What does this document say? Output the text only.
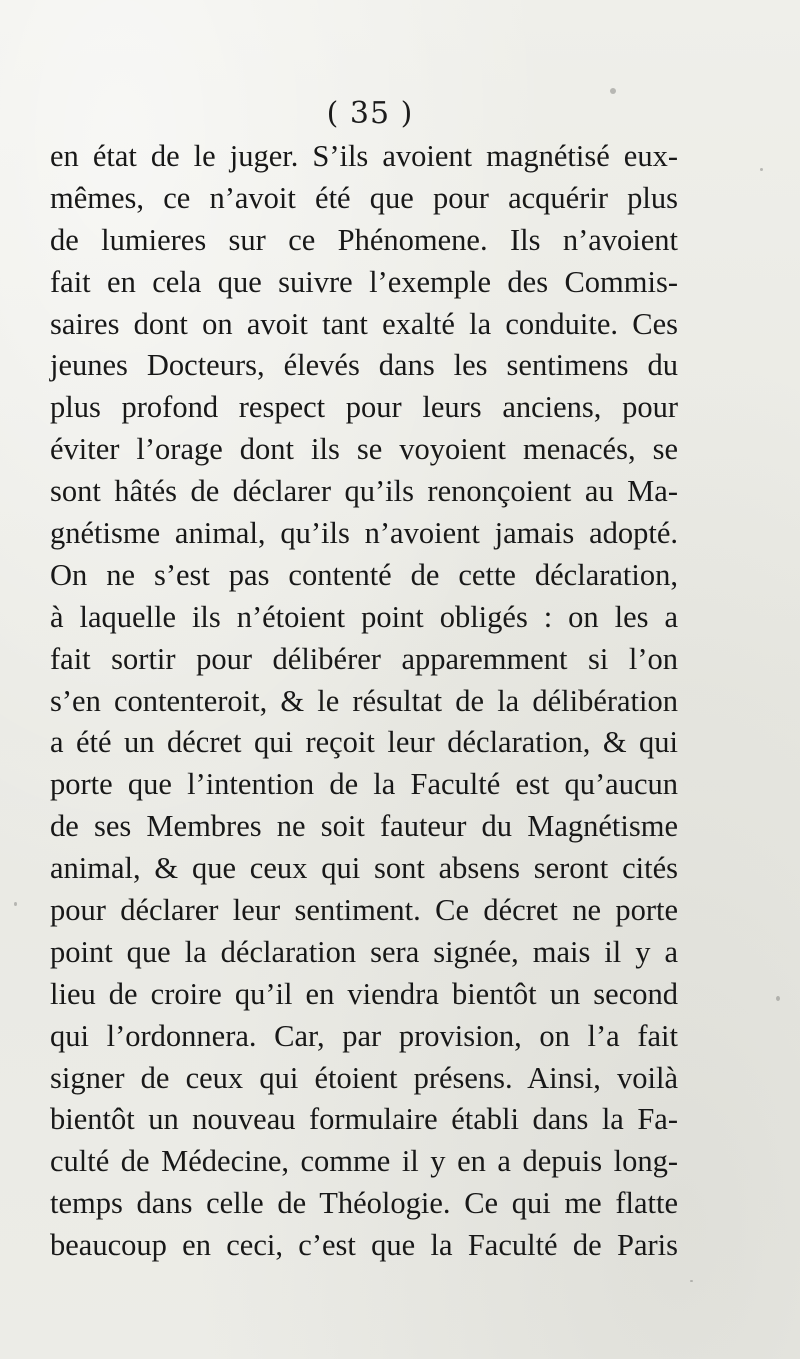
( 35 )
en état de le juger. S’ils avoient magnétisé eux-
mêmes, ce n’avoit été que pour acquérir plus
de lumieres sur ce Phénomene. Ils n’avoient
fait en cela que suivre l’exemple des Commis-
saires dont on avoit tant exalté la conduite. Ces
jeunes Docteurs, élevés dans les sentimens du
plus profond respect pour leurs anciens, pour
éviter l’orage dont ils se voyoient menacés, se
sont hâtés de déclarer qu’ils renonçoient au Ma-
gnétisme animal, qu’ils n’avoient jamais adopté.
On ne s’est pas contenté de cette déclaration,
à laquelle ils n’étoient point obligés : on les a
fait sortir pour délibérer apparemment si l’on
s’en contenteroit, & le résultat de la délibération
a été un décret qui reçoit leur déclaration, & qui
porte que l’intention de la Faculté est qu’aucun
de ses Membres ne soit fauteur du Magnétisme
animal, & que ceux qui sont absens seront cités
pour déclarer leur sentiment. Ce décret ne porte
point que la déclaration sera signée, mais il y a
lieu de croire qu’il en viendra bientôt un second
qui l’ordonnera. Car, par provision, on l’a fait
signer de ceux qui étoient présens. Ainsi, voilà
bientôt un nouveau formulaire établi dans la Fa-
culté de Médecine, comme il y en a depuis long-
temps dans celle de Théologie. Ce qui me flatte
beaucoup en ceci, c’est que la Faculté de Paris
